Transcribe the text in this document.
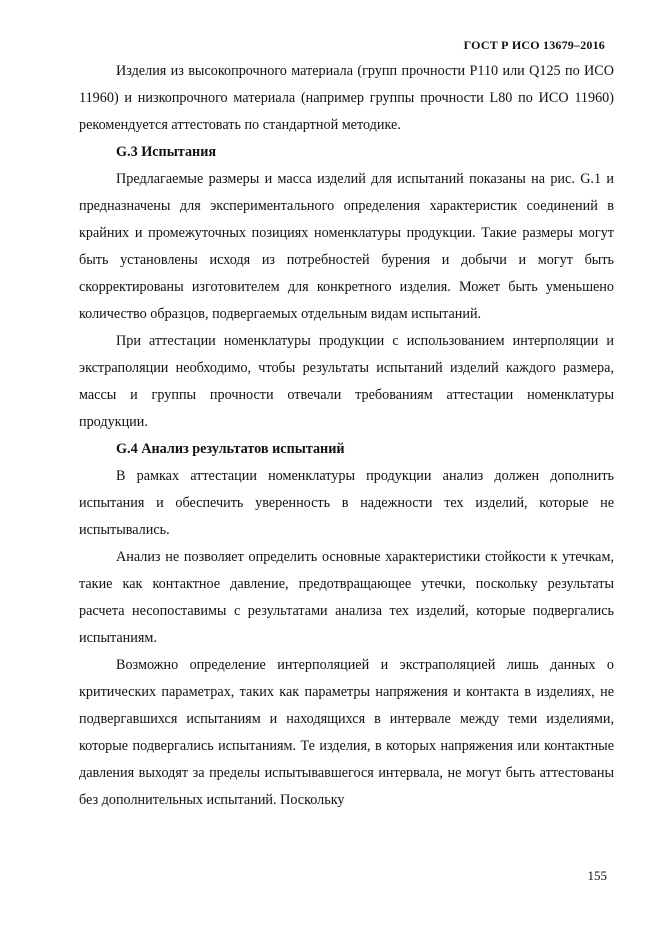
ГОСТ Р ИСО 13679–2016

Изделия из высокопрочного материала (групп прочности P110 или Q125 по ИСО 11960) и низкопрочного материала (например группы прочности L80 по ИСО 11960) рекомендуется аттестовать по стандартной методике.

G.3 Испытания

Предлагаемые размеры и масса изделий для испытаний показаны на рис. G.1 и предназначены для экспериментального определения характеристик соединений в крайних и промежуточных позициях номенклатуры продукции. Такие размеры могут быть установлены исходя из потребностей бурения и добычи и могут быть скорректированы изготовителем для конкретного изделия. Может быть уменьшено количество образцов, подвергаемых отдельным видам испытаний.

При аттестации номенклатуры продукции с использованием интерполяции и экстраполяции необходимо, чтобы результаты испытаний изделий каждого размера, массы и группы прочности отвечали требованиям аттестации номенклатуры продукции.

G.4 Анализ результатов испытаний

В рамках аттестации номенклатуры продукции анализ должен дополнить испытания и обеспечить уверенность в надежности тех изделий, которые не испытывались.

Анализ не позволяет определить основные характеристики стойкости к утечкам, такие как контактное давление, предотвращающее утечки, поскольку результаты расчета несопоставимы с результатами анализа тех изделий, которые подвергались испытаниям.

Возможно определение интерполяцией и экстраполяцией лишь данных о критических параметрах, таких как параметры напряжения и контакта в изделиях, не подвергавшихся испытаниям и находящихся в интервале между теми изделиями, которые подвергались испытаниям. Те изделия, в которых напряжения или контактные давления выходят за пределы испытывавшегося интервала, не могут быть аттестованы без дополнительных испытаний. Поскольку

155
